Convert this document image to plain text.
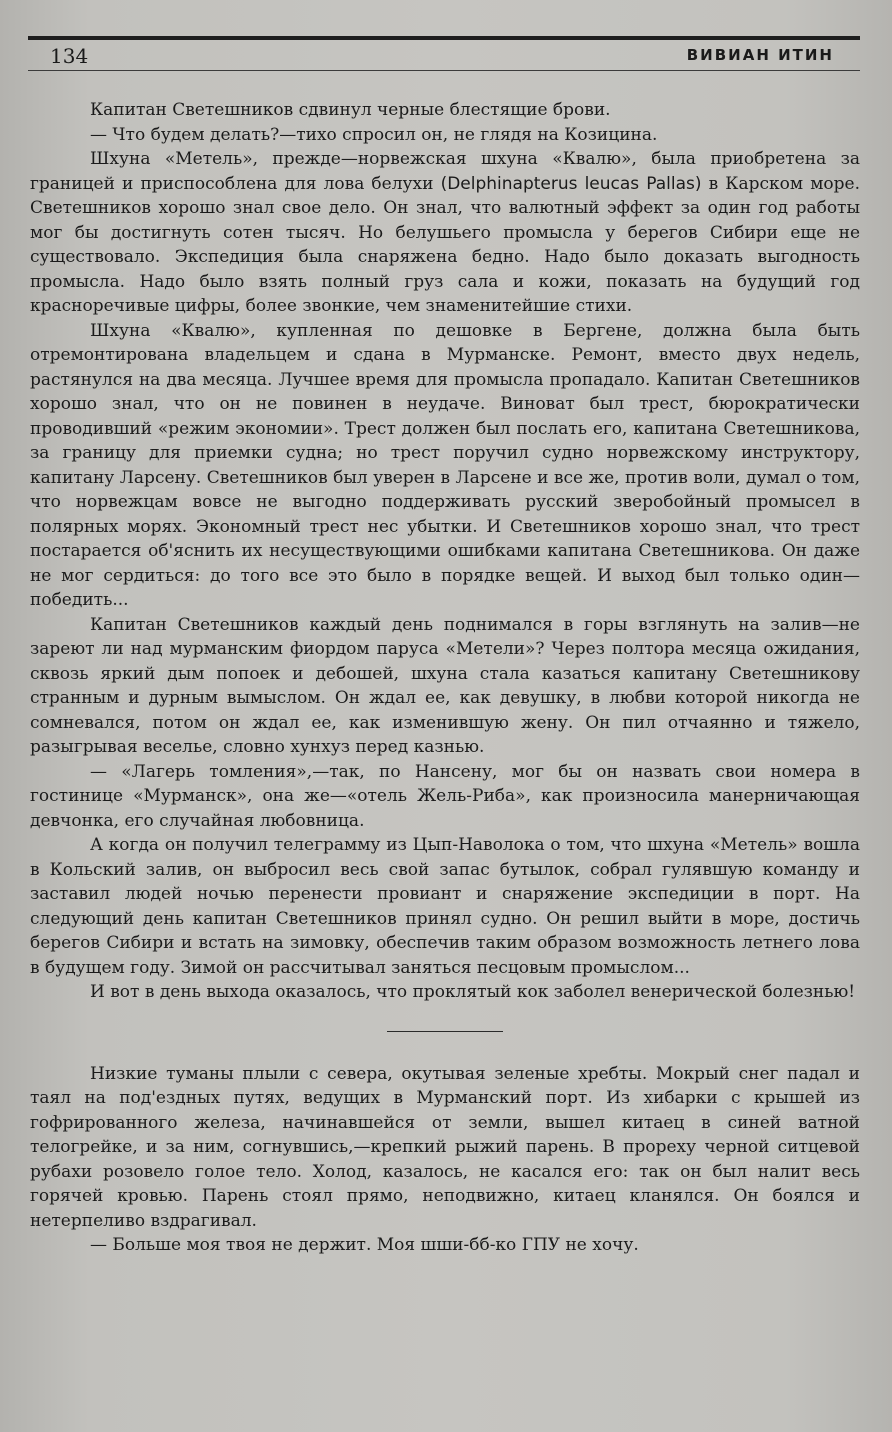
134	ВИВИАН ИТИН

Капитан Светешников сдвинул черные блестящие брови.

— Что будем делать?—тихо спросил он, не глядя на Козицина.

Шхуна «Метель», прежде—норвежская шхуна «Квалю», была приобретена за границей и приспособлена для лова белухи (Delphinapterus leucas Pallas) в Карском море. Светешников хорошо знал свое дело. Он знал, что валютный эффект за один год работы мог бы достигнуть сотен тысяч. Но белушьего промысла у берегов Сибири еще не существовало. Экспедиция была снаряжена бедно. Надо было доказать выгодность промысла. Надо было взять полный груз сала и кожи, показать на будущий год красноречивые цифры, более звонкие, чем знаменитейшие стихи.

Шхуна «Квалю», купленная по дешовке в Бергене, должна была быть отремонтирована владельцем и сдана в Мурманске. Ремонт, вместо двух недель, растянулся на два месяца. Лучшее время для промысла пропадало. Капитан Светешников хорошо знал, что он не повинен в неудаче. Виноват был трест, бюрократически проводивший «режим экономии». Трест должен был послать его, капитана Светешникова, за границу для приемки судна; но трест поручил судно норвежскому инструктору, капитану Ларсену. Светешников был уверен в Ларсене и все же, против воли, думал о том, что норвежцам вовсе не выгодно поддерживать русский зверобойный промысел в полярных морях. Экономный трест нес убытки. И Светешников хорошо знал, что трест постарается об'яснить их несуществующими ошибками капитана Светешникова. Он даже не мог сердиться: до того все это было в порядке вещей. И выход был только один—победить...

Капитан Светешников каждый день поднимался в горы взглянуть на залив—не зареют ли над мурманским фиордом паруса «Метели»? Через полтора месяца ожидания, сквозь яркий дым попоек и дебошей, шхуна стала казаться капитану Светешникову странным и дурным вымыслом. Он ждал ее, как девушку, в любви которой никогда не сомневался, потом он ждал ее, как изменившую жену. Он пил отчаянно и тяжело, разыгрывая веселье, словно хунхуз перед казнью.

— «Лагерь томления»,—так, по Нансену, мог бы он назвать свои номера в гостинице «Мурманск», она же—«отель Жель-Риба», как произносила манерничающая девчонка, его случайная любовница.

А когда он получил телеграмму из Цып-Наволока о том, что шхуна «Метель» вошла в Кольский залив, он выбросил весь свой запас бутылок, собрал гулявшую команду и заставил людей ночью перенести провиант и снаряжение экспедиции в порт. На следующий день капитан Светешников принял судно. Он решил выйти в море, достичь берегов Сибири и встать на зимовку, обеспечив таким образом возможность летнего лова в будущем году. Зимой он рассчитывал заняться песцовым промыслом...

И вот в день выхода оказалось, что проклятый кок заболел венерической болезнью!

Низкие туманы плыли с севера, окутывая зеленые хребты. Мокрый снег падал и таял на под'ездных путях, ведущих в Мурманский порт. Из хибарки с крышей из гофрированного железа, начинавшейся от земли, вышел китаец в синей ватной телогрейке, и за ним, согнувшись,—крепкий рыжий парень. В прореху черной ситцевой рубахи розовело голое тело. Холод, казалось, не касался его: так он был налит весь горячей кровью. Парень стоял прямо, неподвижно, китаец кланялся. Он боялся и нетерпеливо вздрагивал.

— Больше моя твоя не держит. Моя шши-бб-ко ГПУ не хочу.
